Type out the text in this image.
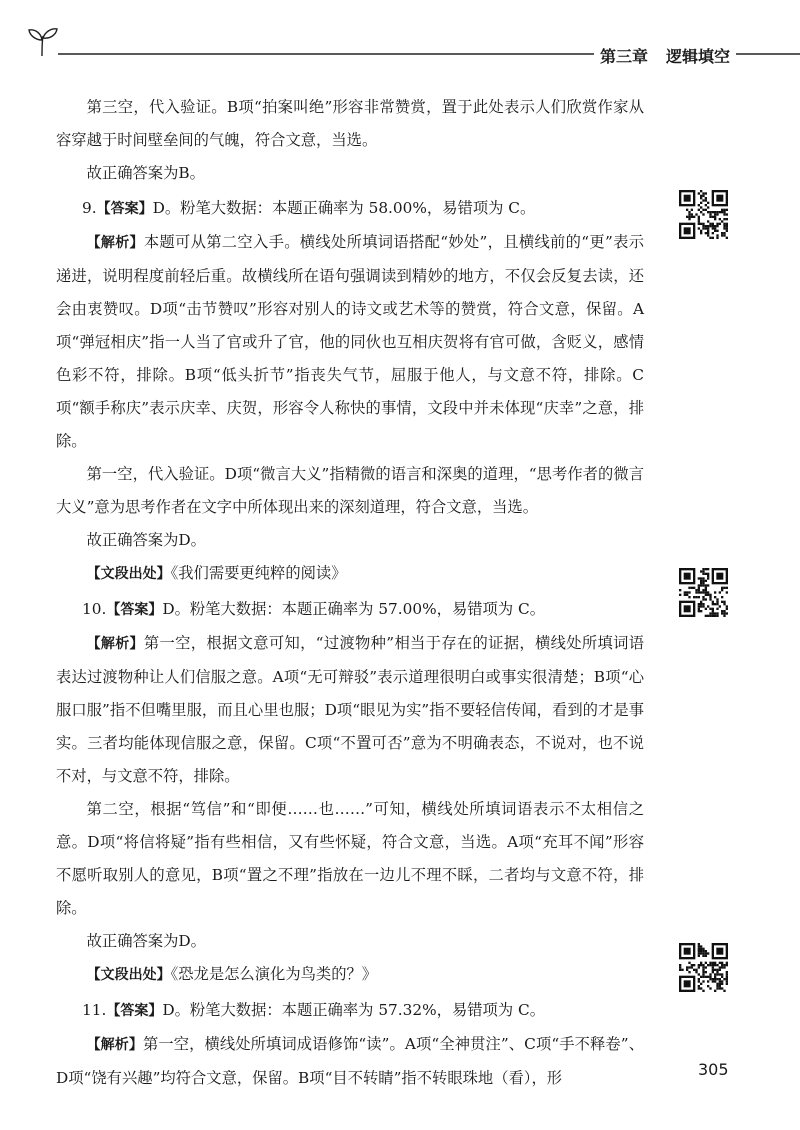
第三章 逻辑填空

第三空，代入验证。B项“拍案叫绝”形容非常赞赏，置于此处表示人们欣赏作家从容穿越于时间壁垒间的气魄，符合文意，当选。

故正确答案为B。

9.【答案】D。粉笔大数据：本题正确率为 58.00%，易错项为 C。

【解析】本题可从第二空入手。横线处所填词语搭配“妙处”，且横线前的“更”表示递进，说明程度前轻后重。故横线所在语句强调读到精妙的地方，不仅会反复去读，还会由衷赞叹。D项“击节赞叹”形容对别人的诗文或艺术等的赞赏，符合文意，保留。A项“弹冠相庆”指一人当了官或升了官，他的同伙也互相庆贺将有官可做，含贬义，感情色彩不符，排除。B项“低头折节”指丧失气节，屈服于他人，与文意不符，排除。C项“额手称庆”表示庆幸、庆贺，形容令人称快的事情，文段中并未体现“庆幸”之意，排除。

第一空，代入验证。D项“微言大义”指精微的语言和深奥的道理，“思考作者的微言大义”意为思考作者在文字中所体现出来的深刻道理，符合文意，当选。

故正确答案为D。

【文段出处】《我们需要更纯粹的阅读》

10.【答案】D。粉笔大数据：本题正确率为 57.00%，易错项为 C。

【解析】第一空，根据文意可知，“过渡物种”相当于存在的证据，横线处所填词语表达过渡物种让人们信服之意。A项“无可辩驳”表示道理很明白或事实很清楚；B项“心服口服”指不但嘴里服，而且心里也服；D项“眼见为实”指不要轻信传闻，看到的才是事实。三者均能体现信服之意，保留。C项“不置可否”意为不明确表态，不说对，也不说不对，与文意不符，排除。

第二空，根据“笃信”和“即便……也……”可知，横线处所填词语表示不太相信之意。D项“将信将疑”指有些相信，又有些怀疑，符合文意，当选。A项“充耳不闻”形容不愿听取别人的意见，B项“置之不理”指放在一边儿不理不睬，二者均与文意不符，排除。

故正确答案为D。

【文段出处】《恐龙是怎么演化为鸟类的？》

11.【答案】D。粉笔大数据：本题正确率为 57.32%，易错项为 C。

【解析】第一空，横线处所填词成语修饰“读”。A项“全神贯注”、C项“手不释卷”、D项“饶有兴趣”均符合文意，保留。B项“目不转睛”指不转眼珠地（看），形	305
